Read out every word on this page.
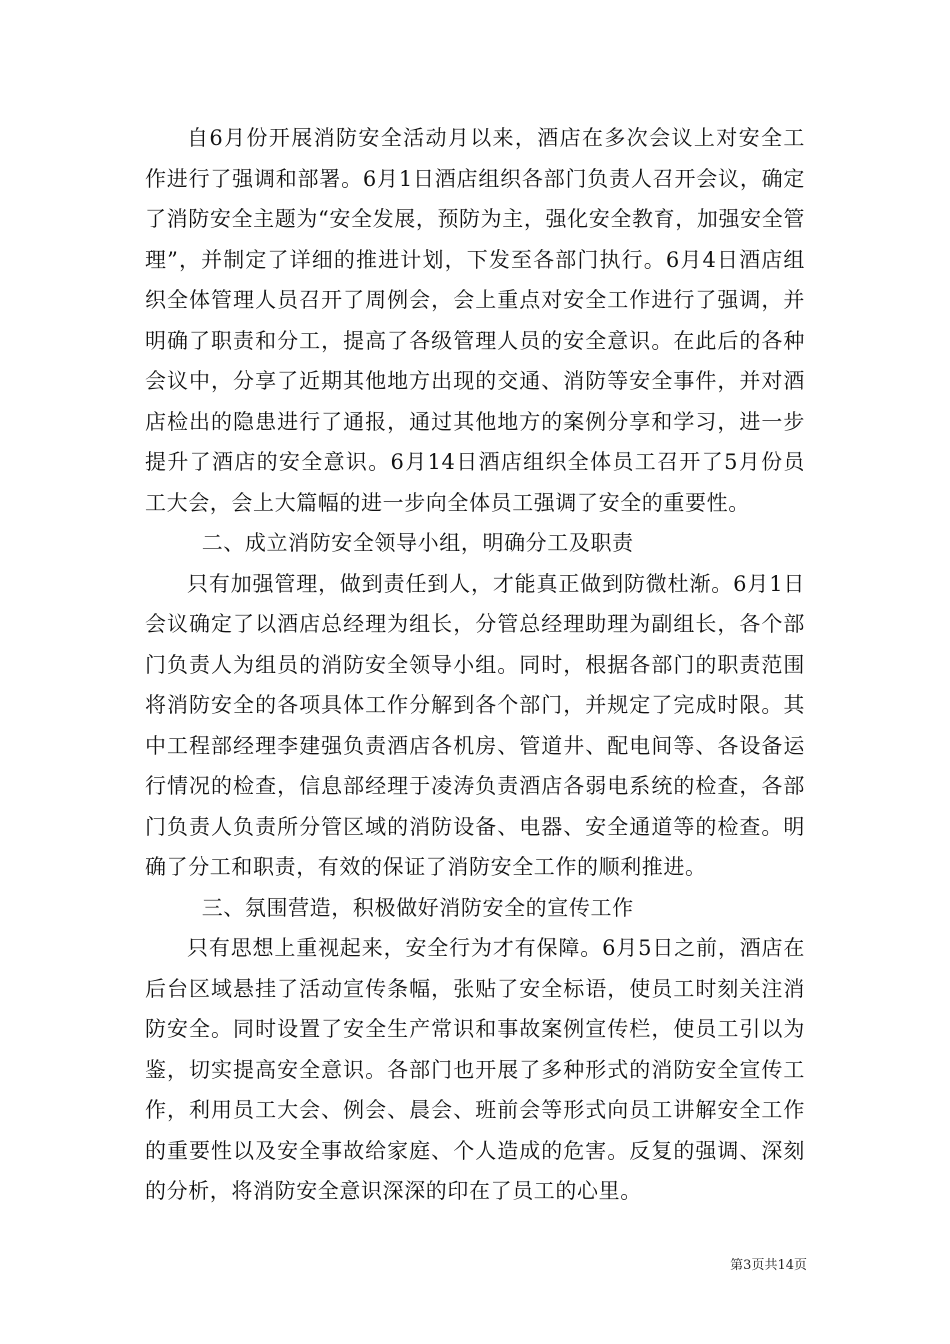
自6月份开展消防安全活动月以来，酒店在多次会议上对安全工作进行了强调和部署。6月1日酒店组织各部门负责人召开会议，确定了消防安全主题为“安全发展，预防为主，强化安全教育，加强安全管理”，并制定了详细的推进计划，下发至各部门执行。6月4日酒店组织全体管理人员召开了周例会，会上重点对安全工作进行了强调，并明确了职责和分工，提高了各级管理人员的安全意识。在此后的各种会议中，分享了近期其他地方出现的交通、消防等安全事件，并对酒店检出的隐患进行了通报，通过其他地方的案例分享和学习，进一步提升了酒店的安全意识。6月14日酒店组织全体员工召开了5月份员工大会，会上大篇幅的进一步向全体员工强调了安全的重要性。

二、成立消防安全领导小组，明确分工及职责

只有加强管理，做到责任到人，才能真正做到防微杜渐。6月1日会议确定了以酒店总经理为组长，分管总经理助理为副组长，各个部门负责人为组员的消防安全领导小组。同时，根据各部门的职责范围将消防安全的各项具体工作分解到各个部门，并规定了完成时限。其中工程部经理李建强负责酒店各机房、管道井、配电间等、各设备运行情况的检查，信息部经理于凌涛负责酒店各弱电系统的检查，各部门负责人负责所分管区域的消防设备、电器、安全通道等的检查。明确了分工和职责，有效的保证了消防安全工作的顺利推进。

三、氛围营造，积极做好消防安全的宣传工作

只有思想上重视起来，安全行为才有保障。6月5日之前，酒店在后台区域悬挂了活动宣传条幅，张贴了安全标语，使员工时刻关注消防安全。同时设置了安全生产常识和事故案例宣传栏，使员工引以为鉴，切实提高安全意识。各部门也开展了多种形式的消防安全宣传工作，利用员工大会、例会、晨会、班前会等形式向员工讲解安全工作的重要性以及安全事故给家庭、个人造成的危害。反复的强调、深刻的分析，将消防安全意识深深的印在了员工的心里。

第3页共14页
